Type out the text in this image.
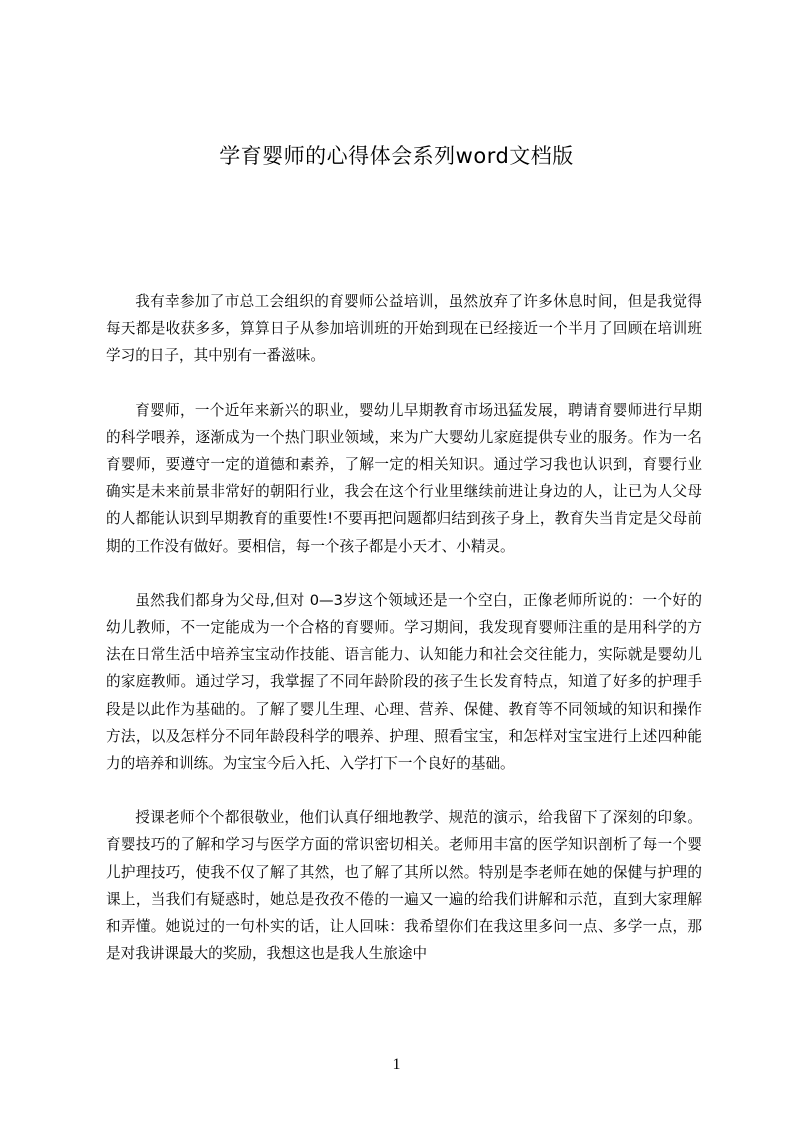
学育婴师的心得体会系列word文档版

我有幸参加了市总工会组织的育婴师公益培训，虽然放弃了许多休息时间，但是我觉得每天都是收获多多，算算日子从参加培训班的开始到现在已经接近一个半月了回顾在培训班学习的日子，其中别有一番滋味。

育婴师，一个近年来新兴的职业，婴幼儿早期教育市场迅猛发展，聘请育婴师进行早期的科学喂养，逐渐成为一个热门职业领域，来为广大婴幼儿家庭提供专业的服务。作为一名育婴师，要遵守一定的道德和素养，了解一定的相关知识。通过学习我也认识到，育婴行业确实是未来前景非常好的朝阳行业，我会在这个行业里继续前进让身边的人，让已为人父母的人都能认识到早期教育的重要性!不要再把问题都归结到孩子身上，教育失当肯定是父母前期的工作没有做好。要相信，每一个孩子都是小天才、小精灵。

虽然我们都身为父母,但对 0—3岁这个领域还是一个空白，正像老师所说的：一个好的幼儿教师，不一定能成为一个合格的育婴师。学习期间，我发现育婴师注重的是用科学的方法在日常生活中培养宝宝动作技能、语言能力、认知能力和社会交往能力，实际就是婴幼儿的家庭教师。通过学习，我掌握了不同年龄阶段的孩子生长发育特点，知道了好多的护理手段是以此作为基础的。了解了婴儿生理、心理、营养、保健、教育等不同领域的知识和操作方法，以及怎样分不同年龄段科学的喂养、护理、照看宝宝，和怎样对宝宝进行上述四种能力的培养和训练。为宝宝今后入托、入学打下一个良好的基础。

授课老师个个都很敬业，他们认真仔细地教学、规范的演示，给我留下了深刻的印象。育婴技巧的了解和学习与医学方面的常识密切相关。老师用丰富的医学知识剖析了每一个婴儿护理技巧，使我不仅了解了其然，也了解了其所以然。特别是李老师在她的保健与护理的课上，当我们有疑惑时，她总是孜孜不倦的一遍又一遍的给我们讲解和示范，直到大家理解和弄懂。她说过的一句朴实的话，让人回味：我希望你们在我这里多问一点、多学一点，那是对我讲课最大的奖励，我想这也是我人生旅途中

1
